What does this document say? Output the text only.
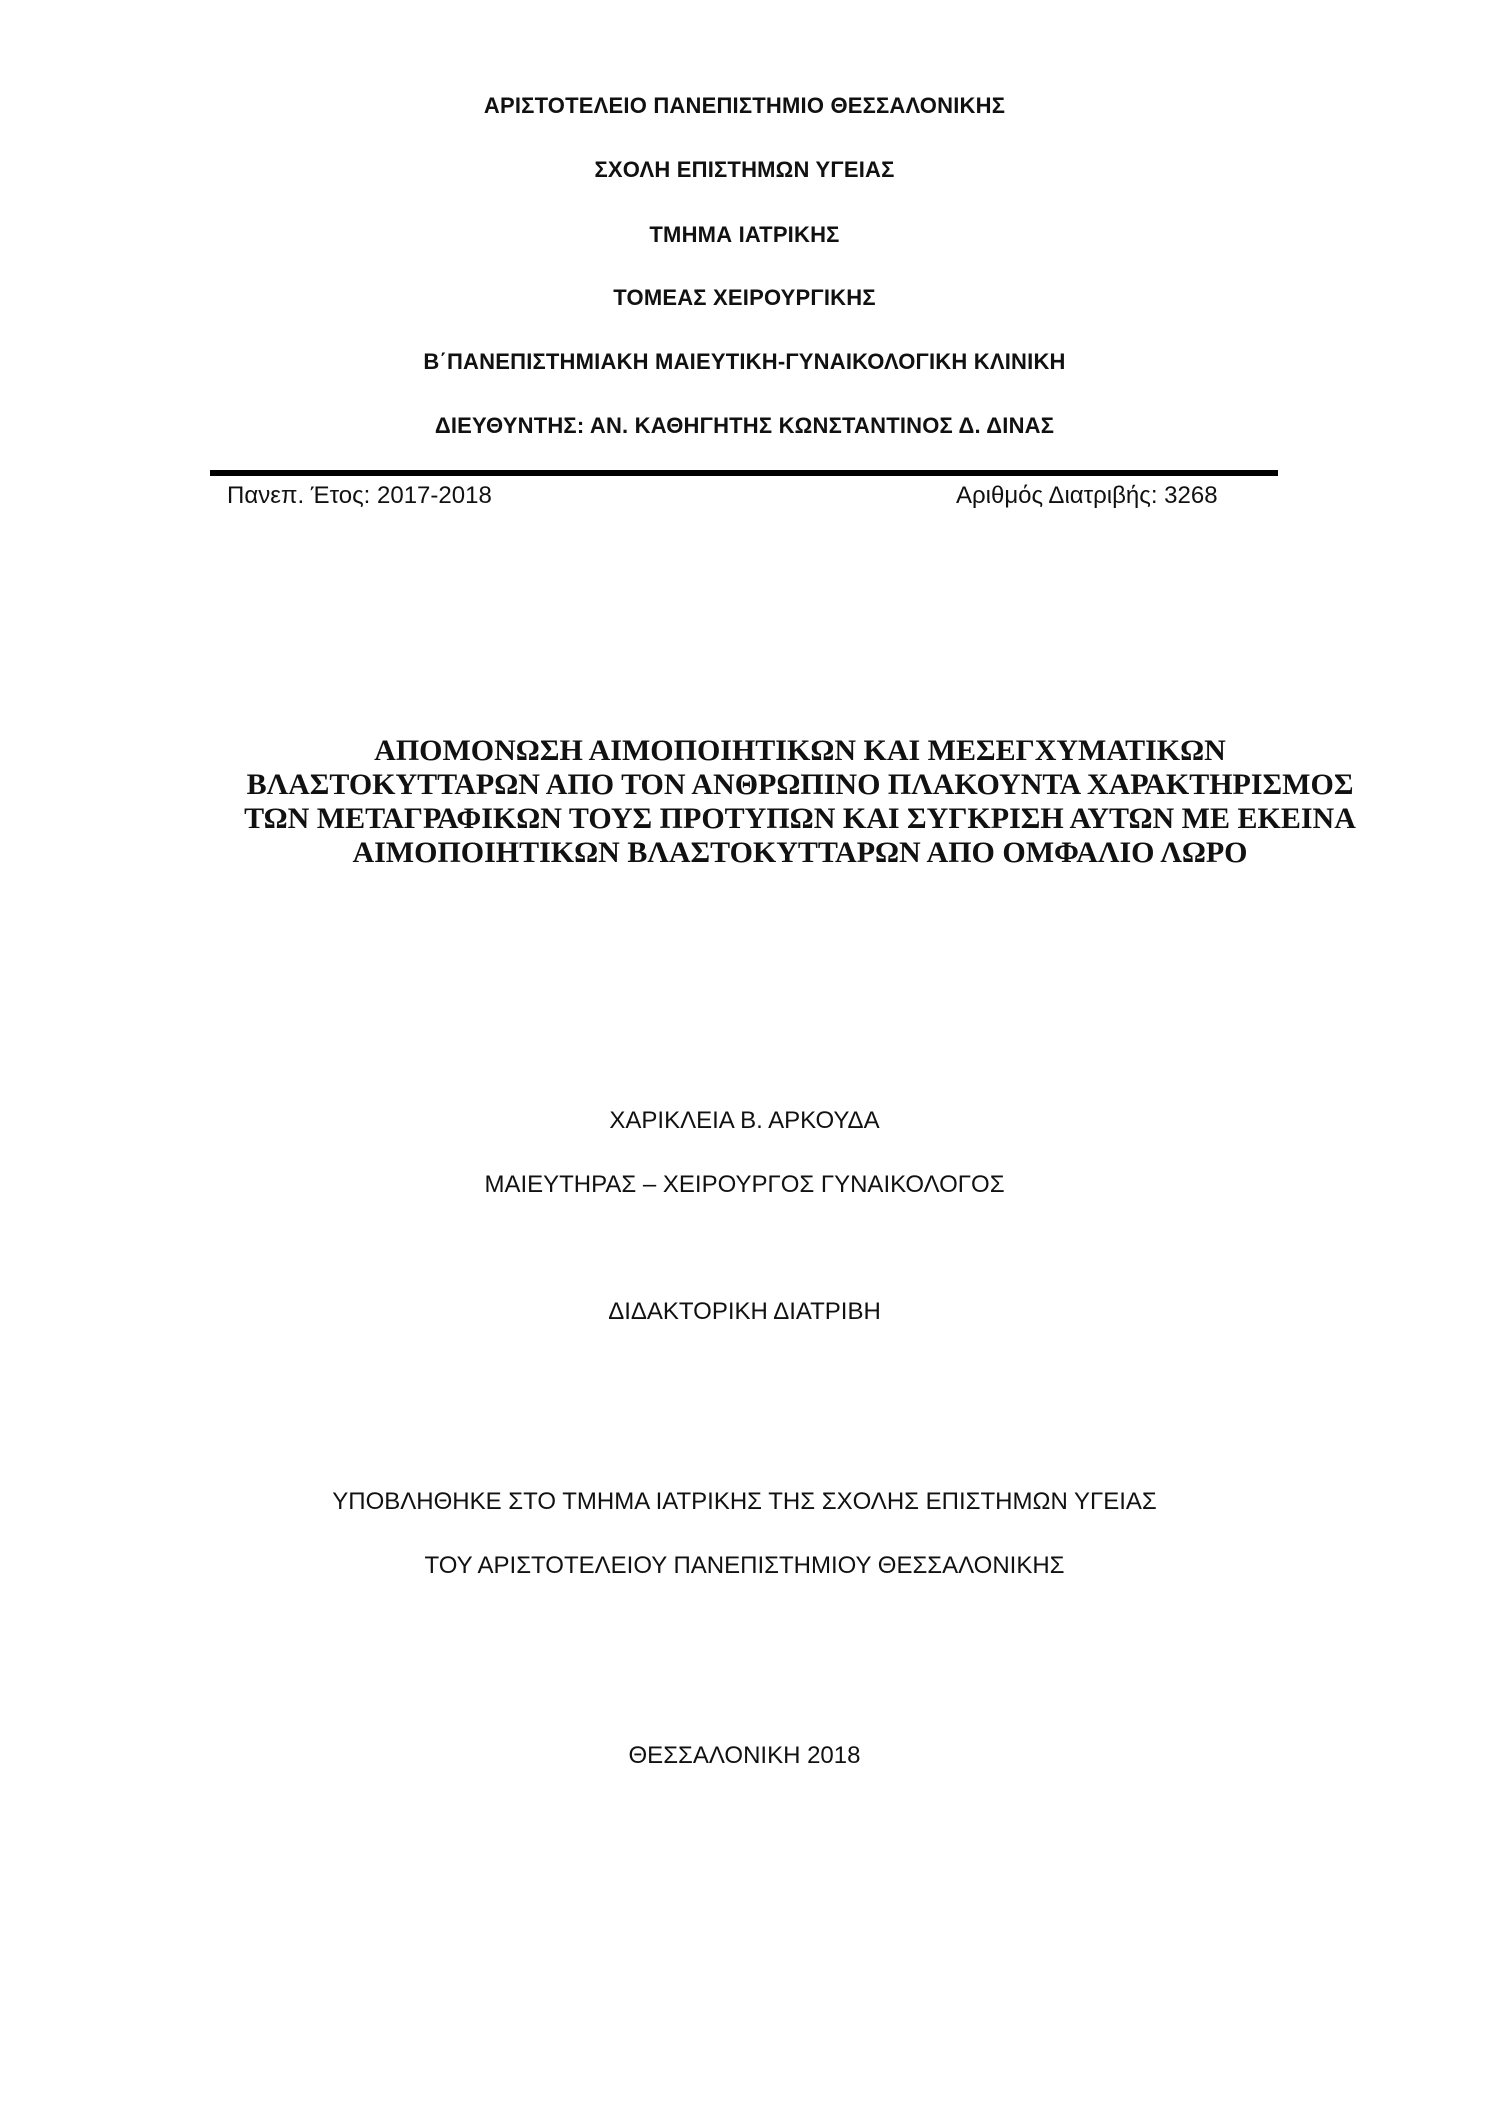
ΑΡΙΣΤΟΤΕΛΕΙΟ ΠΑΝΕΠΙΣΤΗΜΙΟ ΘΕΣΣΑΛΟΝΙΚΗΣ
ΣΧΟΛΗ ΕΠΙΣΤΗΜΩΝ ΥΓΕΙΑΣ
ΤΜΗΜΑ ΙΑΤΡΙΚΗΣ
ΤΟΜΕΑΣ ΧΕΙΡΟΥΡΓΙΚΗΣ
Β΄ΠΑΝΕΠΙΣΤΗΜΙΑΚΗ ΜΑΙΕΥΤΙΚΗ-ΓΥΝΑΙΚΟΛΟΓΙΚΗ ΚΛΙΝΙΚΗ
ΔΙΕΥΘΥΝΤΗΣ: ΑΝ. ΚΑΘΗΓΗΤΗΣ ΚΩΝΣΤΑΝΤΙΝΟΣ Δ. ΔΙΝΑΣ
Πανεπ. Έτος: 2017-2018	Αριθμός Διατριβής: 3268
ΑΠΟΜΟΝΩΣΗ ΑΙΜΟΠΟΙΗΤΙΚΩΝ ΚΑΙ ΜΕΣΕΓΧΥΜΑΤΙΚΩΝ
ΒΛΑΣΤΟΚΥΤΤΑΡΩΝ ΑΠΟ ΤΟΝ ΑΝΘΡΩΠΙΝΟ ΠΛΑΚΟΥΝΤΑ ΧΑΡΑΚΤΗΡΙΣΜΟΣ
ΤΩΝ ΜΕΤΑΓΡΑΦΙΚΩΝ ΤΟΥΣ ΠΡΟΤΥΠΩΝ ΚΑΙ ΣΥΓΚΡΙΣΗ ΑΥΤΩΝ ΜΕ ΕΚΕΙΝΑ
ΑΙΜΟΠΟΙΗΤΙΚΩΝ ΒΛΑΣΤΟΚΥΤΤΑΡΩΝ ΑΠΟ ΟΜΦΑΛΙΟ ΛΩΡΟ
ΧΑΡΙΚΛΕΙΑ Β. ΑΡΚΟΥΔΑ
ΜΑΙΕΥΤΗΡΑΣ – ΧΕΙΡΟΥΡΓΟΣ ΓΥΝΑΙΚΟΛΟΓΟΣ
ΔΙΔΑΚΤΟΡΙΚΗ ΔΙΑΤΡΙΒΗ
ΥΠΟΒΛΗΘΗΚΕ ΣΤΟ ΤΜΗΜΑ ΙΑΤΡΙΚΗΣ ΤΗΣ ΣΧΟΛΗΣ ΕΠΙΣΤΗΜΩΝ ΥΓΕΙΑΣ
ΤΟΥ ΑΡΙΣΤΟΤΕΛΕΙΟΥ ΠΑΝΕΠΙΣΤΗΜΙΟΥ ΘΕΣΣΑΛΟΝΙΚΗΣ
ΘΕΣΣΑΛΟΝΙΚΗ 2018
